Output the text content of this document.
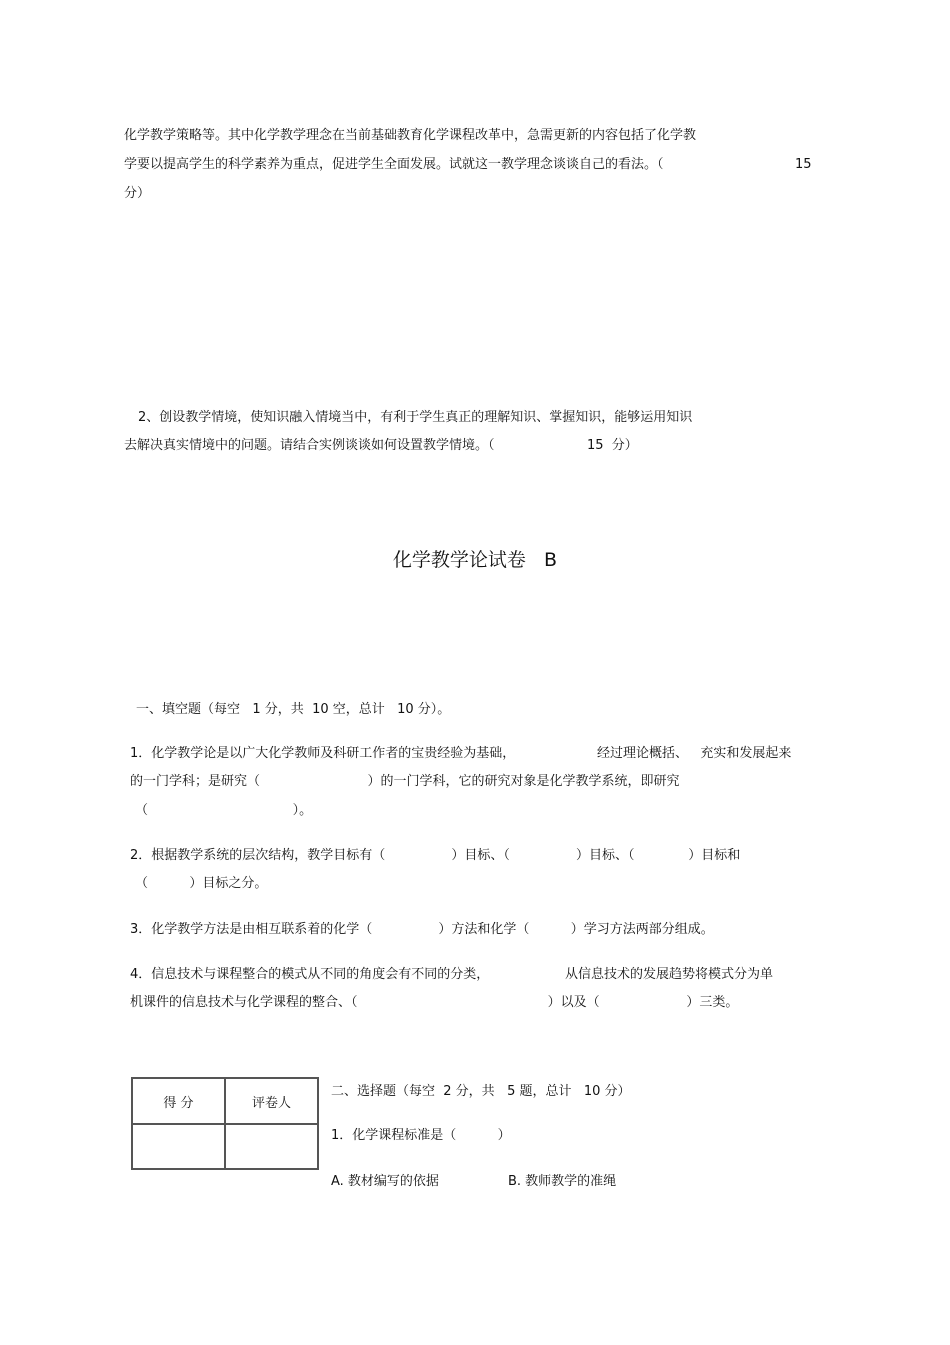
化学教学策略等。其中化学教学理念在当前基础教育化学课程改革中，急需更新的内容包括了化学教
学要以提高学生的科学素养为重点，促进学生全面发展。试就这一教学理念谈谈自己的看法。（	15
分）
2、创设教学情境，使知识融入情境当中，有利于学生真正的理解知识、掌握知识，能够运用知识
去解决真实情境中的问题。请结合实例谈谈如何设置教学情境。（	15  分）
化学教学论试卷   B
一、填空题（每空   1 分，共  10 空，总计   10 分）。
1．化学教学论是以广大化学教师及科研工作者的宝贵经验为基础，	经过理论概括、   充实和发展起来
的一门学科；是研究（                          ）的一门学科，它的研究对象是化学教学系统，即研究
（                                   ）。
2．根据教学系统的层次结构，教学目标有（                ）目标、（                ）目标、（             ）目标和
（          ）目标之分。
3．化学教学方法是由相互联系着的化学（                ）方法和化学（          ）学习方法两部分组成。
4．信息技术与课程整合的模式从不同的角度会有不同的分类，	从信息技术的发展趋势将模式分为单
机课件的信息技术与化学课程的整合、（                                              ）以及（                     ）三类。
得 分	评卷人

二、选择题（每空  2 分，共   5 题，总计   10 分）
1．化学课程标准是（          ）
A. 教材编写的依据	B. 教师教学的准绳
